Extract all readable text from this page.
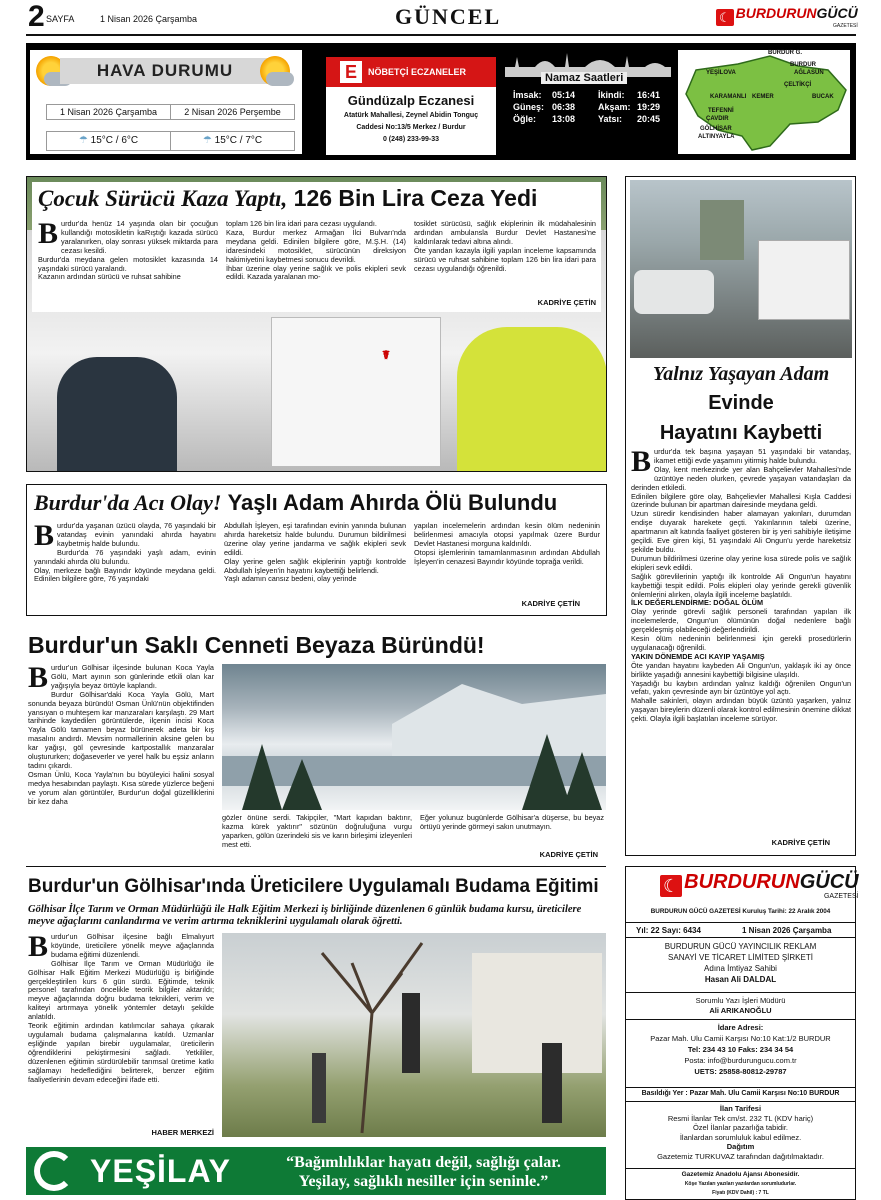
2 SAYFA	1 Nisan 2026 Çarşamba	GÜNCEL	☾ BURDURUNGÜCÜ
GAZETESİ
HAVA DURUMU
1 Nisan 2026 Çarşamba	2 Nisan 2026 Perşembe
☂ 15°C / 6°C	☂ 15°C / 7°C
E	NÖBETÇİ ECZANELER
Gündüzalp Eczanesi
Atatürk Mahallesi, Zeynel Abidin Tonguç
Caddesi No:13/5 Merkez / Burdur
0 (248) 233-99-33
Namaz Saatleri
İmsak: 05:14	İkindi: 16:41
Güneş: 06:38	Akşam: 19:29
Öğle: 13:08	Yatsı: 20:45
BURDUR G.
BURDUR
YEŞİLOVA	AĞLASUN
ÇELTİKÇİ
KARAMANLI KEMER	BUCAK
TEFENNİ
ÇAVDIR
GÖLHİSAR
ALTINYAYLA
☤
Çocuk Sürücü Kaza Yaptı, 126 Bin Lira Ceza Yedi
Burdur'da henüz 14 yaşında olan bir çocuğun kullandığı motosikletin kaRıştığı kazada sürücü yaralanırken, olay sonrası yüksek miktarda para cezası kesildi.
Burdur'da meydana gelen motosiklet kazasında 14 yaşındaki sürücü yaralandı.
Kazanın ardından sürücü ve ruhsat sahibine
toplam 126 bin lira idari para cezası uygulandı.
Kaza, Burdur merkez Armağan İlci Bulvarı'nda meydana geldi. Edinilen bilgilere göre, M.Ş.H. (14) idaresindeki motosiklet, sürücünün direksiyon hakimiyetini kaybetmesi sonucu devrildi.
İhbar üzerine olay yerine sağlık ve polis ekipleri sevk edildi. Kazada yaralanan mo-
tosiklet sürücüsü, sağlık ekiplerinin ilk müdahalesinin ardından ambulansla Burdur Devlet Hastanesi'ne kaldırılarak tedavi altına alındı.
Öte yandan kazayla ilgili yapılan inceleme kapsamında sürücü ve ruhsat sahibine toplam 126 bin lira idari para cezası uygulandığı öğrenildi.
KADRİYE ÇETİN
Burdur'da Acı Olay! Yaşlı Adam Ahırda Ölü Bulundu
Burdur'da yaşanan üzücü olayda, 76 yaşındaki bir vatandaş evinin yanındaki ahırda hayatını kaybetmiş halde bulundu.
Burdur'da 76 yaşındaki yaşlı adam, evinin yanındaki ahırda ölü bulundu.
Olay, merkeze bağlı Bayındır köyünde meydana geldi. Edinilen bilgilere göre, 76 yaşındaki
Abdullah İşleyen, eşi tarafından evinin yanında bulunan ahırda hareketsiz halde bulundu. Durumun bildirilmesi üzerine olay yerine jandarma ve sağlık ekipleri sevk edildi.
Olay yerine gelen sağlık ekiplerinin yaptığı kontrolde Abdullah İşleyen'in hayatını kaybettiği belirlendi.
Yaşlı adamın cansız bedeni, olay yerinde
yapılan incelemelerin ardından kesin ölüm nedeninin belirlenmesi amacıyla otopsi yapılmak üzere Burdur Devlet Hastanesi morguna kaldırıldı.
Otopsi işlemlerinin tamamlanmasının ardından Abdullah İşleyen'in cenazesi Bayındır köyünde toprağa verildi.
KADRİYE ÇETİN
Burdur'un Saklı Cenneti Beyaza Büründü!
Burdur'un Gölhisar ilçesinde bulunan Koca Yayla Gölü, Mart ayının son günlerinde etkili olan kar yağışıyla beyaz örtüyle kaplandı.
Burdur Gölhisar'daki Koca Yayla Gölü, Mart sonunda beyaza büründü! Osman Ünlü'nün objektifinden yansıyan o muhteşem kar manzaraları karşılaştı. 29 Mart tarihinde kaydedilen görüntülerde, ilçenin incisi Koca Yayla Gölü tamamen beyaz bürünerek adeta bir kış masalını andırdı. Mevsim normallerinin aksine gelen bu kar yağışı, göl çevresinde kartpostallık manzaralar oluştururken; doğaseverler ve yerel halk bu eşsiz anların tadını çıkardı.
Osman Ünlü, Koca Yayla'nın bu büyüleyici halini sosyal medya hesabından paylaştı. Kısa sürede yüzlerce beğeni ve yorum alan görüntüler, Burdur'un doğal güzelliklerini bir kez daha
gözler önüne serdi. Takipçiler, "Mart kapıdan baktırır, kazma kürek yaktırır" sözünün doğruluğuna vurgu yaparken, gölün üzerindeki sis ve karın birleşimi izleyenleri mest etti.
Eğer yolunuz bugünlerde Gölhisar'a düşerse, bu beyaz örtüyü yerinde görmeyi sakın unutmayın.
KADRİYE ÇETİN
Burdur'un Gölhisar'ında Üreticilere Uygulamalı Budama Eğitimi
Gölhisar İlçe Tarım ve Orman Müdürlüğü ile Halk Eğitim Merkezi iş birliğinde düzenlenen 6 günlük budama kursu, üreticilere meyve ağaçlarını canlandırma ve verim artırma tekniklerini uygulamalı olarak öğretti.
Burdur'un Gölhisar ilçesine bağlı Elmalıyurt köyünde, üreticilere yönelik meyve ağaçlarında budama eğitimi düzenlendi.
Gölhisar İlçe Tarım ve Orman Müdürlüğü ile Gölhisar Halk Eğitim Merkezi Müdürlüğü iş birliğinde gerçekleştirilen kurs 6 gün sürdü. Eğitimde, teknik personel tarafından öncelikle teorik bilgiler aktarıldı; meyve ağaçlarında doğru budama teknikleri, verim ve kaliteyi artırmaya yönelik yöntemler detaylı şekilde anlatıldı.
Teorik eğitimin ardından katılımcılar sahaya çıkarak uygulamalı budama çalışmalarına katıldı. Uzmanlar eşliğinde yapılan birebir uygulamalar, üreticilerin öğrendiklerini pekiştirmesini sağladı. Yetkililer, düzenlenen eğitimin sürdürülebilir tarımsal üretime katkı sağlamayı hedeflediğini belirterek, benzer eğitim faaliyetlerinin devam edeceğini ifade etti.
HABER MERKEZİ
Yalnız Yaşayan Adam
Evinde
Hayatını Kaybetti
Burdur'da tek başına yaşayan 51 yaşındaki bir vatandaş, ikamet ettiği evde yaşamını yitirmiş halde bulundu.
Olay, kent merkezinde yer alan Bahçelievler Mahallesi'nde üzüntüye neden olurken, çevrede yaşayan vatandaşları da derinden etkiledi.
Edinilen bilgilere göre olay, Bahçelievler Mahallesi Kışla Caddesi üzerinde bulunan bir apartman dairesinde meydana geldi.
Uzun süredir kendisinden haber alamayan yakınları, durumdan endişe duyarak harekete geçti. Yakınlarının talebi üzerine, apartmanın alt katında faaliyet gösteren bir iş yeri sahibiyle iletişime geçildi. Eve giren kişi, 51 yaşındaki Ali Ongun'u yerde hareketsiz şekilde buldu.
Durumun bildirilmesi üzerine olay yerine kısa sürede polis ve sağlık ekipleri sevk edildi.
Sağlık görevlilerinin yaptığı ilk kontrolde Ali Ongun'un hayatını kaybettiği tespit edildi. Polis ekipleri olay yerinde gerekli güvenlik önlemlerini alırken, olayla ilgili inceleme başlatıldı.
İLK DEĞERLENDİRME: DOĞAL ÖLÜM
Olay yerinde görevli sağlık personeli tarafından yapılan ilk incelemelerde, Ongun'un ölümünün doğal nedenlere bağlı gerçekleşmiş olabileceği değerlendirildi.
Kesin ölüm nedeninin belirlenmesi için gerekli prosedürlerin uygulanacağı öğrenildi.
YAKIN DÖNEMDE ACI KAYIP YAŞAMIŞ
Öte yandan hayatını kaybeden Ali Ongun'un, yaklaşık iki ay önce birlikte yaşadığı annesini kaybettiği bilgisine ulaşıldı.
Yaşadığı bu kaybın ardından yalnız kaldığı öğrenilen Ongun'un vefatı, yakın çevresinde ayrı bir üzüntüye yol açtı.
Mahalle sakinleri, olayın ardından büyük üzüntü yaşarken, yalnız yaşayan bireylerin düzenli olarak kontrol edilmesinin önemine dikkat çekti. Olayla ilgili başlatılan inceleme sürüyor.
KADRİYE ÇETİN
☾ BURDURUNGÜCÜ
GAZETESİ
BURDURUN GÜCÜ GAZETESİ Kuruluş Tarihi: 22 Aralık 2004
Yıl: 22 Sayı: 6434	1 Nisan 2026 Çarşamba
BURDURUN GÜCÜ YAYINCILIK REKLAM
SANAYİ VE TİCARET LİMİTED ŞİRKETİ
Adına İmtiyaz Sahibi
Hasan Ali DALDAL
Sorumlu Yazı İşleri Müdürü
Ali ARIKANOĞLU
İdare Adresi:
Pazar Mah. Ulu Camii Karşısı No:10 Kat:1/2 BURDUR
Tel: 234 43 10 Faks: 234 34 54
Posta: info@burdurungucu.com.tr
UETS: 25858-80812-29787
Basıldığı Yer : Pazar Mah. Ulu Camii Karşısı No:10 BURDUR
İlan Tarifesi
Resmi İlanlar Tek cm/st. 232 TL (KDV hariç)
Özel İlanlar pazarlığa tabidir.
İlanlardan sorumluluk kabul edilmez.
Dağıtım
Gazetemiz TURKUVAZ tarafından dağıtılmaktadır.
Gazetemiz Anadolu Ajansı Abonesidir.
Köşe Yazıları yazıları yazılardan sorumludurlar.
Fiyatı (KDV Dahil) : 7 TL
YEŞİLAY	“Bağımlılıklar hayatı değil, sağlığı çalar.
Yeşilay, sağlıklı nesiller için seninle.”
